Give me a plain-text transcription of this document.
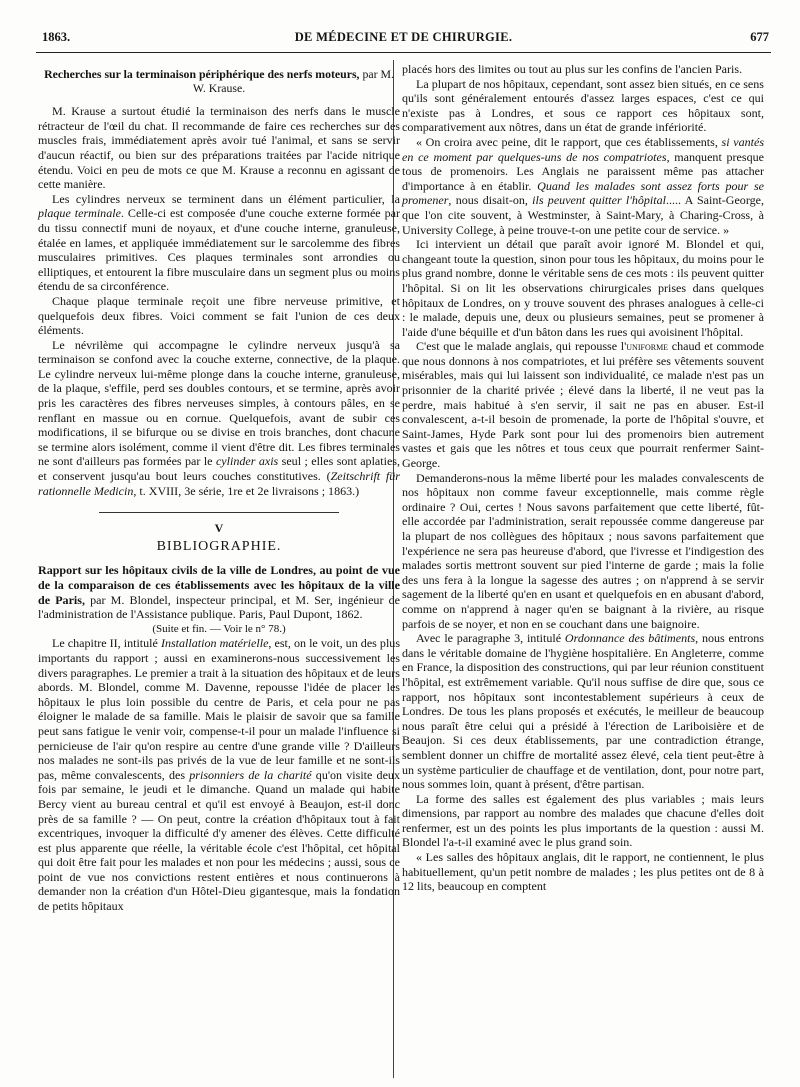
1863.	DE MÉDECINE ET DE CHIRURGIE.	677
Recherches sur la terminaison périphérique des nerfs moteurs, par M. W. Krause.

M. Krause a surtout étudié la terminaison des nerfs dans le muscle rétracteur de l'œil du chat. Il recommande de faire ces recherches sur des muscles frais, immédiatement après avoir tué l'animal, et sans se servir d'aucun réactif, ou bien sur des préparations traitées par l'acide nitrique étendu. Voici en peu de mots ce que M. Krause a reconnu en agissant de cette manière.

Les cylindres nerveux se terminent dans un élément particulier, la plaque terminale. Celle-ci est composée d'une couche externe formée par du tissu connectif muni de noyaux, et d'une couche interne, granuleuse, étalée en lames, et appliquée immédiatement sur le sarcolemme des fibres musculaires primitives. Ces plaques terminales sont arrondies ou elliptiques, et entourent la fibre musculaire dans un segment plus ou moins étendu de sa circonférence.

Chaque plaque terminale reçoit une fibre nerveuse primitive, et quelquefois deux fibres. Voici comment se fait l'union de ces deux éléments.

Le névrilème qui accompagne le cylindre nerveux jusqu'à sa terminaison se confond avec la couche externe, connective, de la plaque. Le cylindre nerveux lui-même plonge dans la couche interne, granuleuse, de la plaque, s'effile, perd ses doubles contours, et se termine, après avoir pris les caractères des fibres nerveuses simples, à contours pâles, en se renflant en massue ou en cornue. Quelquefois, avant de subir ces modifications, il se bifurque ou se divise en trois branches, dont chacune se termine alors isolément, comme il vient d'être dit. Les fibres terminales ne sont d'ailleurs pas formées par le cylinder axis seul ; elles sont aplaties, et conservent jusqu'au bout leurs couches constitutives. (Zeitschrift für rationnelle Medicin, t. XVIII, 3e série, 1re et 2e livraisons ; 1863.)

V
BIBLIOGRAPHIE.

Rapport sur les hôpitaux civils de la ville de Londres, au point de vue de la comparaison de ces établissements avec les hôpitaux de la ville de Paris, par M. Blondel, inspecteur principal, et M. Ser, ingénieur de l'administration de l'Assistance publique. Paris, Paul Dupont, 1862.

(Suite et fin. — Voir le n° 78.)

Le chapitre II, intitulé Installation matérielle, est, on le voit, un des plus importants du rapport ; aussi en examinerons-nous successivement les divers paragraphes. Le premier a trait à la situation des hôpitaux et de leurs abords. M. Blondel, comme M. Davenne, repousse l'idée de placer les hôpitaux le plus loin possible du centre de Paris, et cela pour ne pas éloigner le malade de sa famille. Mais le plaisir de savoir que sa famille peut sans fatigue le venir voir, compense-t-il pour un malade l'influence si pernicieuse de l'air qu'on respire au centre d'une grande ville ? D'ailleurs nos malades ne sont-ils pas privés de la vue de leur famille et ne sont-ils pas, même convalescents, des prisonniers de la charité qu'on visite deux fois par semaine, le jeudi et le dimanche. Quand un malade qui habite Bercy vient au bureau central et qu'il est envoyé à Beaujon, est-il donc près de sa famille ? — On peut, contre la création d'hôpitaux tout à fait excentriques, invoquer la difficulté d'y amener des élèves. Cette difficulté est plus apparente que réelle, la véritable école c'est l'hôpital, cet hôpital qui doit être fait pour les malades et non pour les médecins ; aussi, sous ce point de vue nos convictions restent entières et nous continuerons à demander non la création d'un Hôtel-Dieu gigantesque, mais la fondation de petits hôpitaux

placés hors des limites ou tout au plus sur les confins de l'ancien Paris.

La plupart de nos hôpitaux, cependant, sont assez bien situés, en ce sens qu'ils sont généralement entourés d'assez larges espaces, c'est ce qui n'existe pas à Londres, et sous ce rapport ces hôpitaux sont, comparativement aux nôtres, dans un état de grande infériorité.

« On croira avec peine, dit le rapport, que ces établissements, si vantés en ce moment par quelques-uns de nos compatriotes, manquent presque tous de promenoirs. Les Anglais ne paraissent même pas attacher d'importance à en établir. Quand les malades sont assez forts pour se promener, nous disait-on, ils peuvent quitter l'hôpital..... A Saint-George, que l'on cite souvent, à Westminster, à Saint-Mary, à Charing-Cross, à University College, à peine trouve-t-on une petite cour de service. »

Ici intervient un détail que paraît avoir ignoré M. Blondel et qui, changeant toute la question, sinon pour tous les hôpitaux, du moins pour le plus grand nombre, donne le véritable sens de ces mots : ils peuvent quitter l'hôpital. Si on lit les observations chirurgicales prises dans quelques hôpitaux de Londres, on y trouve souvent des phrases analogues à celle-ci : le malade, depuis une, deux ou plusieurs semaines, peut se promener à l'aide d'une béquille et d'un bâton dans les rues qui avoisinent l'hôpital.

C'est que le malade anglais, qui repousse l'uniforme chaud et commode que nous donnons à nos compatriotes, et lui préfère ses vêtements souvent misérables, mais qui lui laissent son individualité, ce malade n'est pas un prisonnier de la charité privée ; élevé dans la liberté, il ne veut pas la perdre, mais habitué à s'en servir, il sait ne pas en abuser. Est-il convalescent, a-t-il besoin de promenade, la porte de l'hôpital s'ouvre, et Saint-James, Hyde Park sont pour lui des promenoirs bien autrement vastes et gais que les nôtres et tous ceux que pourrait renfermer Saint-George.

Demanderons-nous la même liberté pour les malades convalescents de nos hôpitaux non comme faveur exceptionnelle, mais comme règle ordinaire ? Oui, certes ! Nous savons parfaitement que cette liberté, fût-elle accordée par l'administration, serait repoussée comme dangereuse par la plupart de nos collègues des hôpitaux ; nous savons parfaitement que l'expérience ne sera pas heureuse d'abord, que l'ivresse et l'indigestion des malades sortis mettront souvent sur pied l'interne de garde ; mais la folie des uns fera à la longue la sagesse des autres ; on n'apprend à se servir sagement de la liberté qu'en en usant et quelquefois en en abusant d'abord, comme on n'apprend à nager qu'en se baignant à la rivière, au risque parfois de se noyer, et non en se couchant dans une baignoire.

Avec le paragraphe 3, intitulé Ordonnance des bâtiments, nous entrons dans le véritable domaine de l'hygiène hospitalière. En Angleterre, comme en France, la disposition des constructions, qui par leur réunion constituent l'hôpital, est extrêmement variable. Qu'il nous suffise de dire que, sous ce rapport, nos hôpitaux sont incontestablement supérieurs à ceux de Londres. De tous les plans proposés et exécutés, le meilleur de beaucoup nous paraît être celui qui a présidé à l'érection de Lariboisière et de Beaujon. Si ces deux établissements, par une contradiction étrange, semblent donner un chiffre de mortalité assez élevé, cela tient peut-être à un système particulier de chauffage et de ventilation, dont, pour notre part, nous sommes loin, quant à présent, d'être partisan.

La forme des salles est également des plus variables ; mais leurs dimensions, par rapport au nombre des malades que chacune d'elles doit renfermer, est un des points les plus importants de la question : aussi M. Blondel l'a-t-il examiné avec le plus grand soin.

« Les salles des hôpitaux anglais, dit le rapport, ne contiennent, le plus habituellement, qu'un petit nombre de malades ; les plus petites ont de 8 à 12 lits, beaucoup en comptent
